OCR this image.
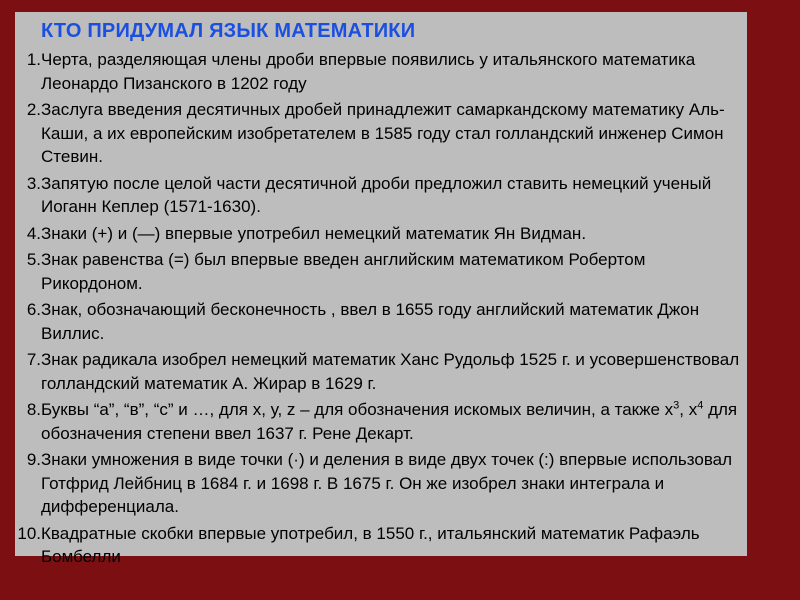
КТО ПРИДУМАЛ ЯЗЫК МАТЕМАТИКИ
1. Черта, разделяющая члены дроби впервые появились у итальянского математика Леонардо Пизанского в 1202 году
2. Заслуга введения десятичных дробей принадлежит самаркандскому математику Аль-Каши, а их европейским изобретателем в 1585 году стал голландский инженер Симон Стевин.
3. Запятую после целой части десятичной дроби предложил ставить немецкий ученый Иоганн Кеплер (1571-1630).
4. Знаки (+) и (—) впервые употребил немецкий математик Ян Видман.
5. Знак равенства (=) был впервые введен английским математиком Робертом Рикордоном.
6. Знак, обозначающий бесконечность , ввел в 1655 году английский математик Джон Виллис.
7. Знак радикала изобрел немецкий математик Ханс Рудольф 1525 г. и усовершенствовал голландский математик А. Жирар в 1629 г.
8. Буквы “а”, “в”, “с” и …, для х, у, z – для обозначения искомых величин, а также $х^3$, $х^4$ для обозначения степени ввел 1637 г. Рене Декарт.
9. Знаки умножения в виде точки (·) и деления в виде двух точек (:) впервые использовал Готфрид Лейбниц в 1684 г. и 1698 г. В 1675 г. Он же изобрел знаки интеграла и дифференциала.
10. Квадратные скобки впервые употребил, в 1550 г., итальянский математик Рафаэль Бомбелли
